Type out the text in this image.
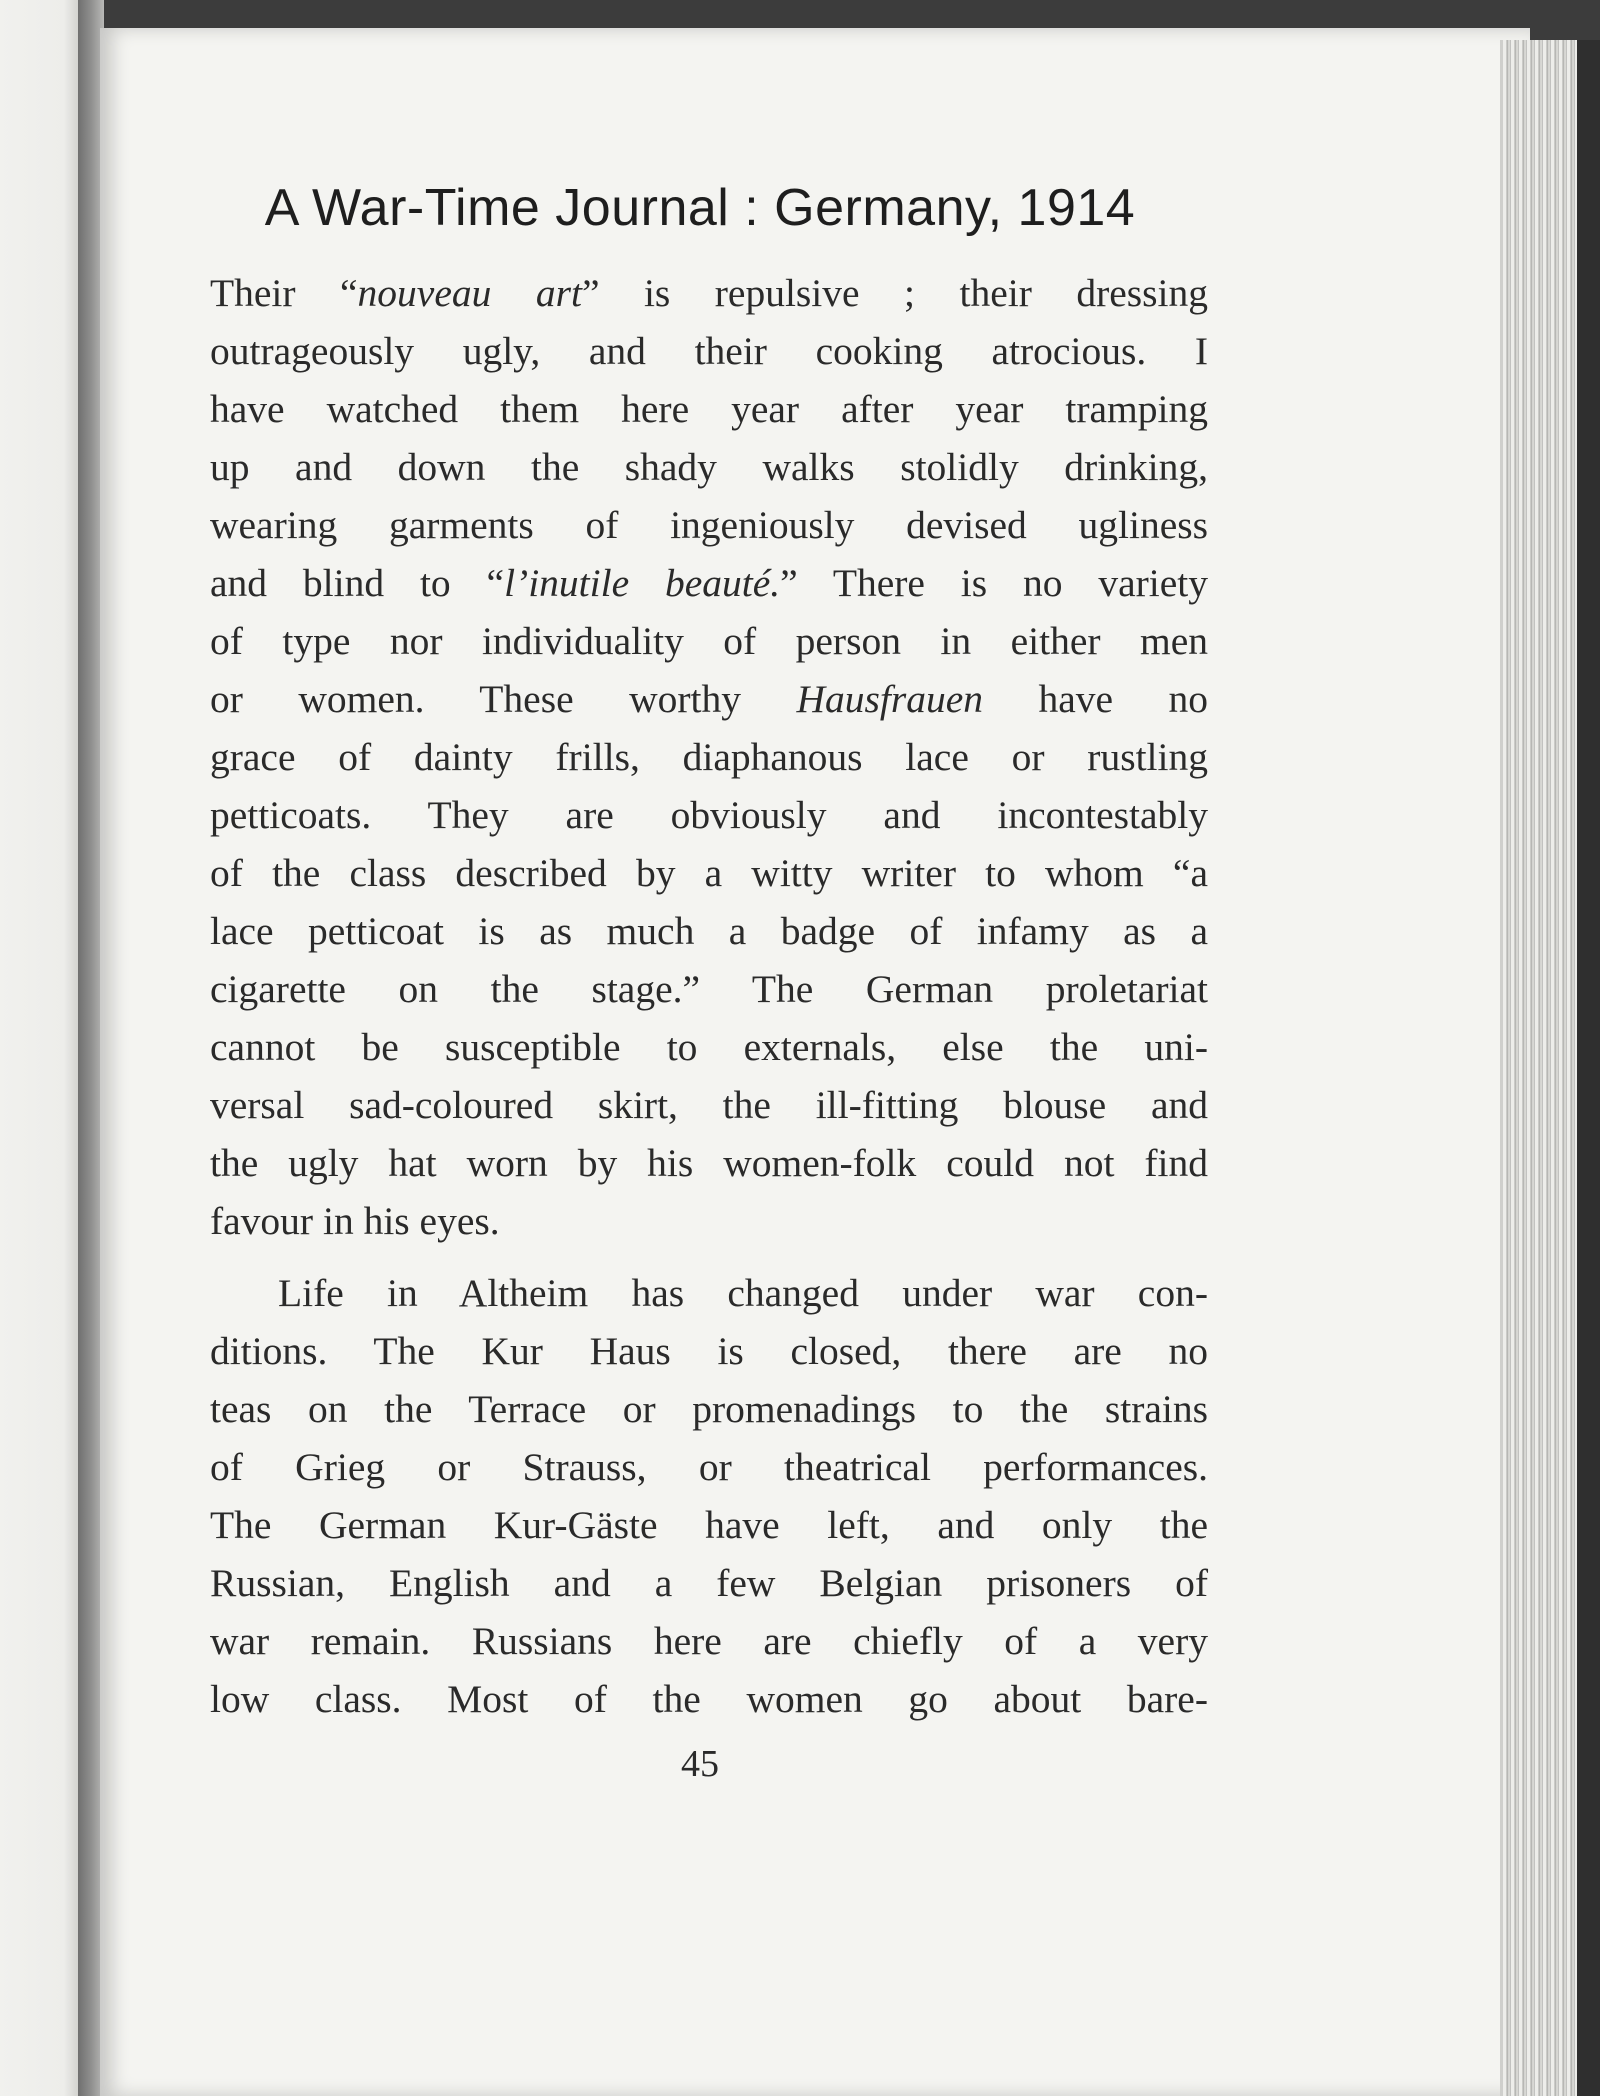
A War-Time Journal : Germany, 1914
Their “nouveau art” is repulsive ; their dressing
outrageously ugly, and their cooking atrocious. I
have watched them here year after year tramping
up and down the shady walks stolidly drinking,
wearing garments of ingeniously devised ugliness
and blind to “l’inutile beauté.” There is no variety
of type nor individuality of person in either men
or women. These worthy Hausfrauen have no
grace of dainty frills, diaphanous lace or rustling
petticoats. They are obviously and incontestably
of the class described by a witty writer to whom “a
lace petticoat is as much a badge of infamy as a
cigarette on the stage.” The German proletariat
cannot be susceptible to externals, else the uni-
versal sad-coloured skirt, the ill-fitting blouse and
the ugly hat worn by his women-folk could not find
favour in his eyes.
Life in Altheim has changed under war con-
ditions. The Kur Haus is closed, there are no
teas on the Terrace or promenadings to the strains
of Grieg or Strauss, or theatrical performances.
The German Kur-Gäste have left, and only the
Russian, English and a few Belgian prisoners of
war remain. Russians here are chiefly of a very
low class. Most of the women go about bare-
45
